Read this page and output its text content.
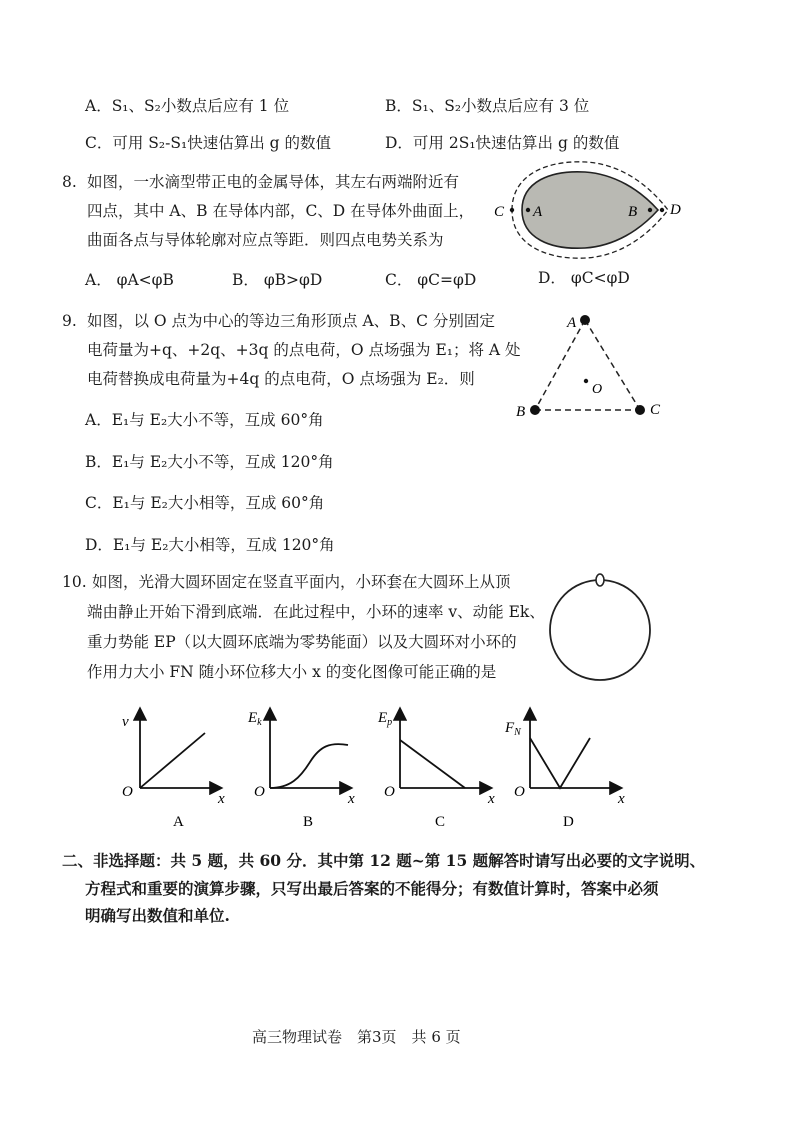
A．S₁、S₂小数点后应有 1 位	B．S₁、S₂小数点后应有 3 位
C．可用 S₂-S₁快速估算出 g 的数值	D．可用 2S₁快速估算出 g 的数值
8. 如图，一水滴型带正电的金属导体，其左右两端附近有
四点，其中 A、B 在导体内部，C、D 在导体外曲面上，
曲面各点与导体轮廓对应点等距．则四点电势关系为
A． φA<φB	B． φB>φD	C． φC=φD	D． φC<φD
C A	B D
9. 如图，以 O 点为中心的等边三角形顶点 A、B、C 分别固定
电荷量为+q、+2q、+3q 的点电荷，O 点场强为 E₁；将 A 处
电荷替换成电荷量为+4q 的点电荷，O 点场强为 E₂．则
A．E₁与 E₂大小不等，互成 60°角
B．E₁与 E₂大小不等，互成 120°角
C．E₁与 E₂大小相等，互成 60°角
D．E₁与 E₂大小相等，互成 120°角
A
B	C
O
10. 如图，光滑大圆环固定在竖直平面内，小环套在大圆环上从顶
端由静止开始下滑到底端．在此过程中，小环的速率 v、动能 Ek、
重力势能 EP（以大圆环底端为零势能面）以及大圆环对小环的
作用力大小 FN 随小环位移大小 x 的变化图像可能正确的是
v
O	x
A
$E_k$
O	x
B
$E_p$
O	x
C
$F_N$
O	x
D
二、非选择题：共 5 题，共 60 分．其中第 12 题~第 15 题解答时请写出必要的文字说明、
方程式和重要的演算步骤，只写出最后答案的不能得分；有数值计算时，答案中必须
明确写出数值和单位.
高三物理试卷　第3页　共 6 页
